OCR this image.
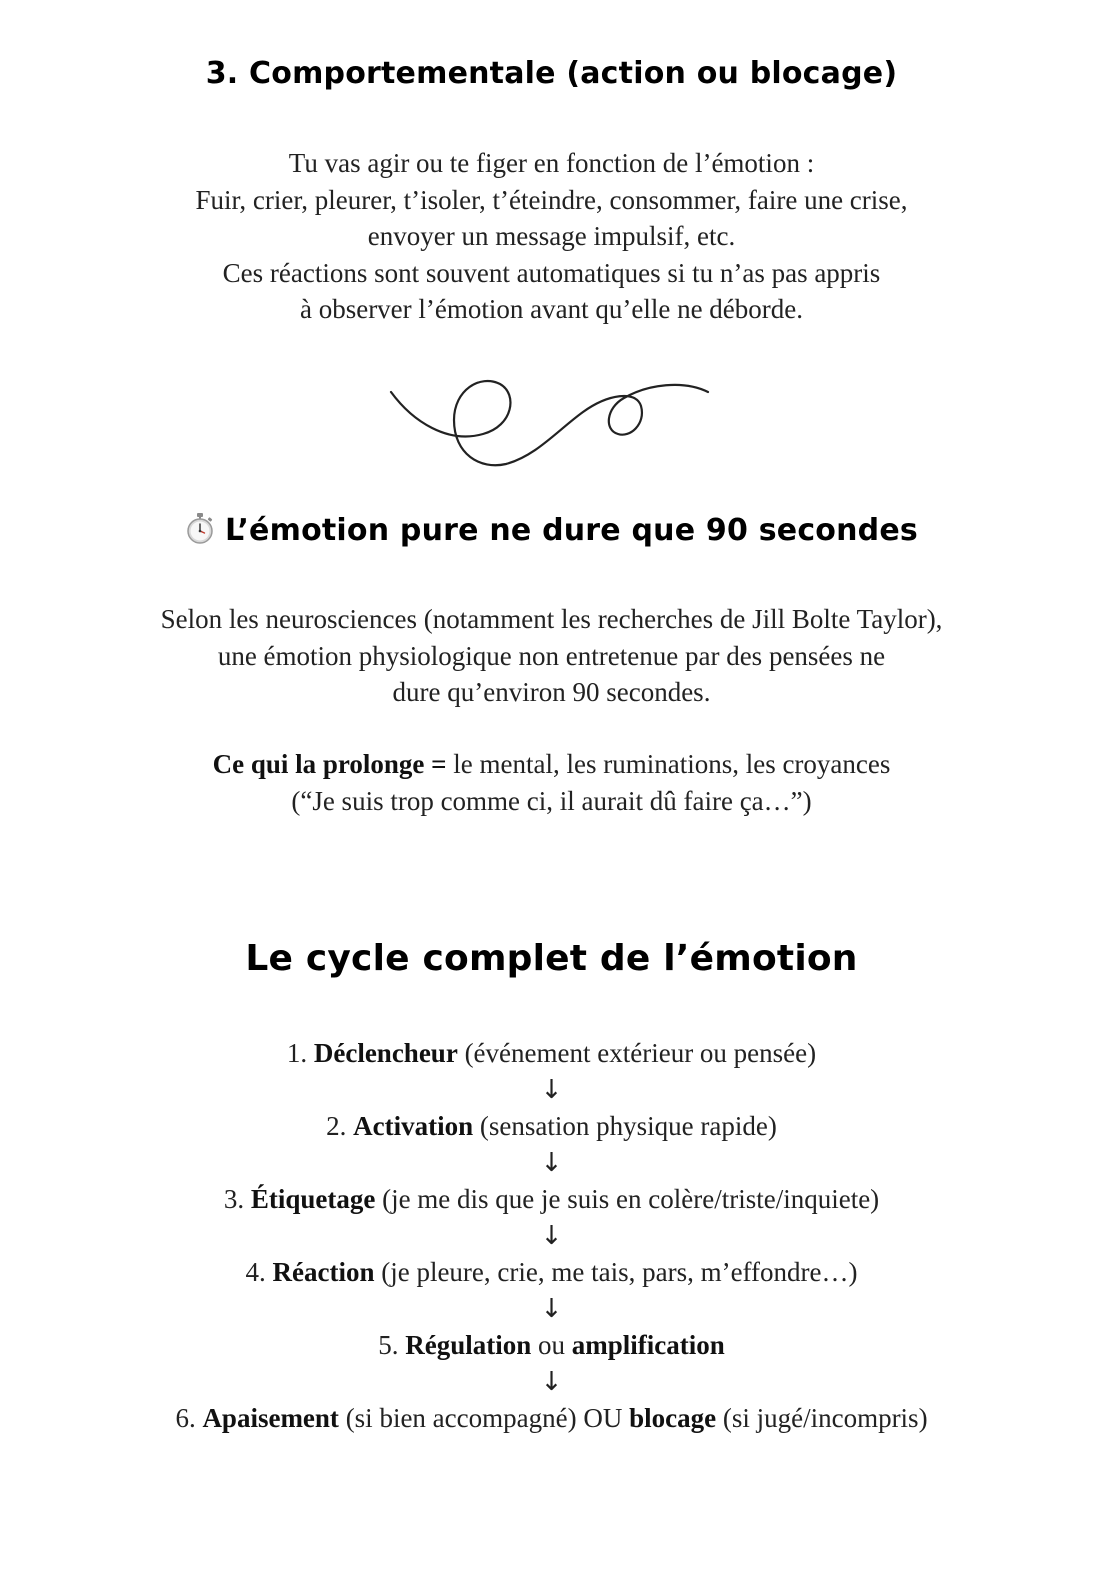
3. Comportementale (action ou blocage)

Tu vas agir ou te figer en fonction de l’émotion :
Fuir, crier, pleurer, t’isoler, t’éteindre, consommer, faire une crise,
envoyer un message impulsif, etc.
Ces réactions sont souvent automatiques si tu n’as pas appris
à observer l’émotion avant qu’elle ne déborde.

L’émotion pure ne dure que 90 secondes

Selon les neurosciences (notamment les recherches de Jill Bolte Taylor),
une émotion physiologique non entretenue par des pensées ne
dure qu’environ 90 secondes.

Ce qui la prolonge = le mental, les ruminations, les croyances
(“Je suis trop comme ci, il aurait dû faire ça…”)

Le cycle complet de l’émotion
1. Déclencheur (événement extérieur ou pensée)
↓
2. Activation (sensation physique rapide)
↓
3. Étiquetage (je me dis que je suis en colère/triste/inquiete)
↓
4. Réaction (je pleure, crie, me tais, pars, m’effondre…)
↓
5. Régulation ou amplification
↓
6. Apaisement (si bien accompagné) OU blocage (si jugé/incompris)
